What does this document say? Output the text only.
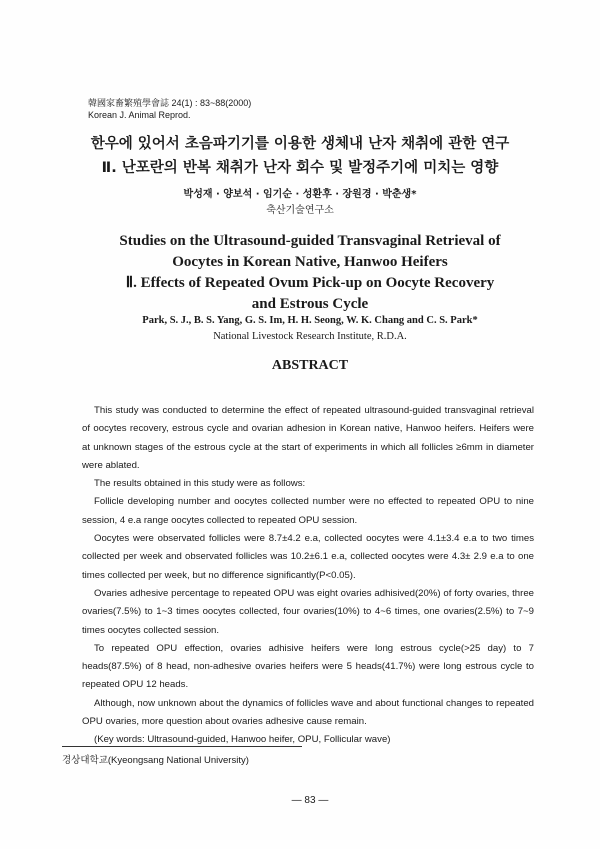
韓國家畜繁殖學會誌 24(1) : 83~88(2000)
Korean J. Animal Reprod.
한우에 있어서 초음파기기를 이용한 생체내 난자 채취에 관한 연구
Ⅱ. 난포란의 반복 채취가 난자 회수 및 발정주기에 미치는 영향
박성재 · 양보석 · 임기순 · 성환후 · 장원경 · 박춘생*
축산기술연구소
Studies on the Ultrasound-guided Transvaginal Retrieval of
Oocytes in Korean Native, Hanwoo Heifers
Ⅱ. Effects of Repeated Ovum Pick-up on Oocyte Recovery
and Estrous Cycle
Park, S. J., B. S. Yang, G. S. Im, H. H. Seong, W. K. Chang and C. S. Park*
National Livestock Research Institute, R.D.A.
ABSTRACT

This study was conducted to determine the effect of repeated ultrasound-guided transvaginal retrieval of oocytes recovery, estrous cycle and ovarian adhesion in Korean native, Hanwoo heifers. Heifers were at unknown stages of the estrous cycle at the start of experiments in which all follicles ≥6mm in diameter were ablated.

The results obtained in this study were as follows:

Follicle developing number and oocytes collected number were no effected to repeated OPU to nine session, 4 e.a range oocytes collected to repeated OPU session.

Oocytes were observated follicles were 8.7±4.2 e.a, collected oocytes were 4.1±3.4 e.a to two times collected per week and observated follicles was 10.2±6.1 e.a, collected oocytes were 4.3± 2.9 e.a to one times collected per week, but no difference significantly(P<0.05).

Ovaries adhesive percentage to repeated OPU was eight ovaries adhisived(20%) of forty ovaries, three ovaries(7.5%) to 1~3 times oocytes collected, four ovaries(10%) to 4~6 times, one ovaries(2.5%) to 7~9 times oocytes collected session.

To repeated OPU effection, ovaries adhisive heifers were long estrous cycle(>25 day) to 7 heads(87.5%) of 8 head, non-adhesive ovaries heifers were 5 heads(41.7%) were long estrous cycle to repeated OPU 12 heads.

Although, now unknown about the dynamics of follicles wave and about functional changes to repeated OPU ovaries, more question about ovaries adhesive cause remain.

(Key words: Ultrasound-guided, Hanwoo heifer, OPU, Follicular wave)

경상대학교(Kyeongsang National University)
— 83 —
